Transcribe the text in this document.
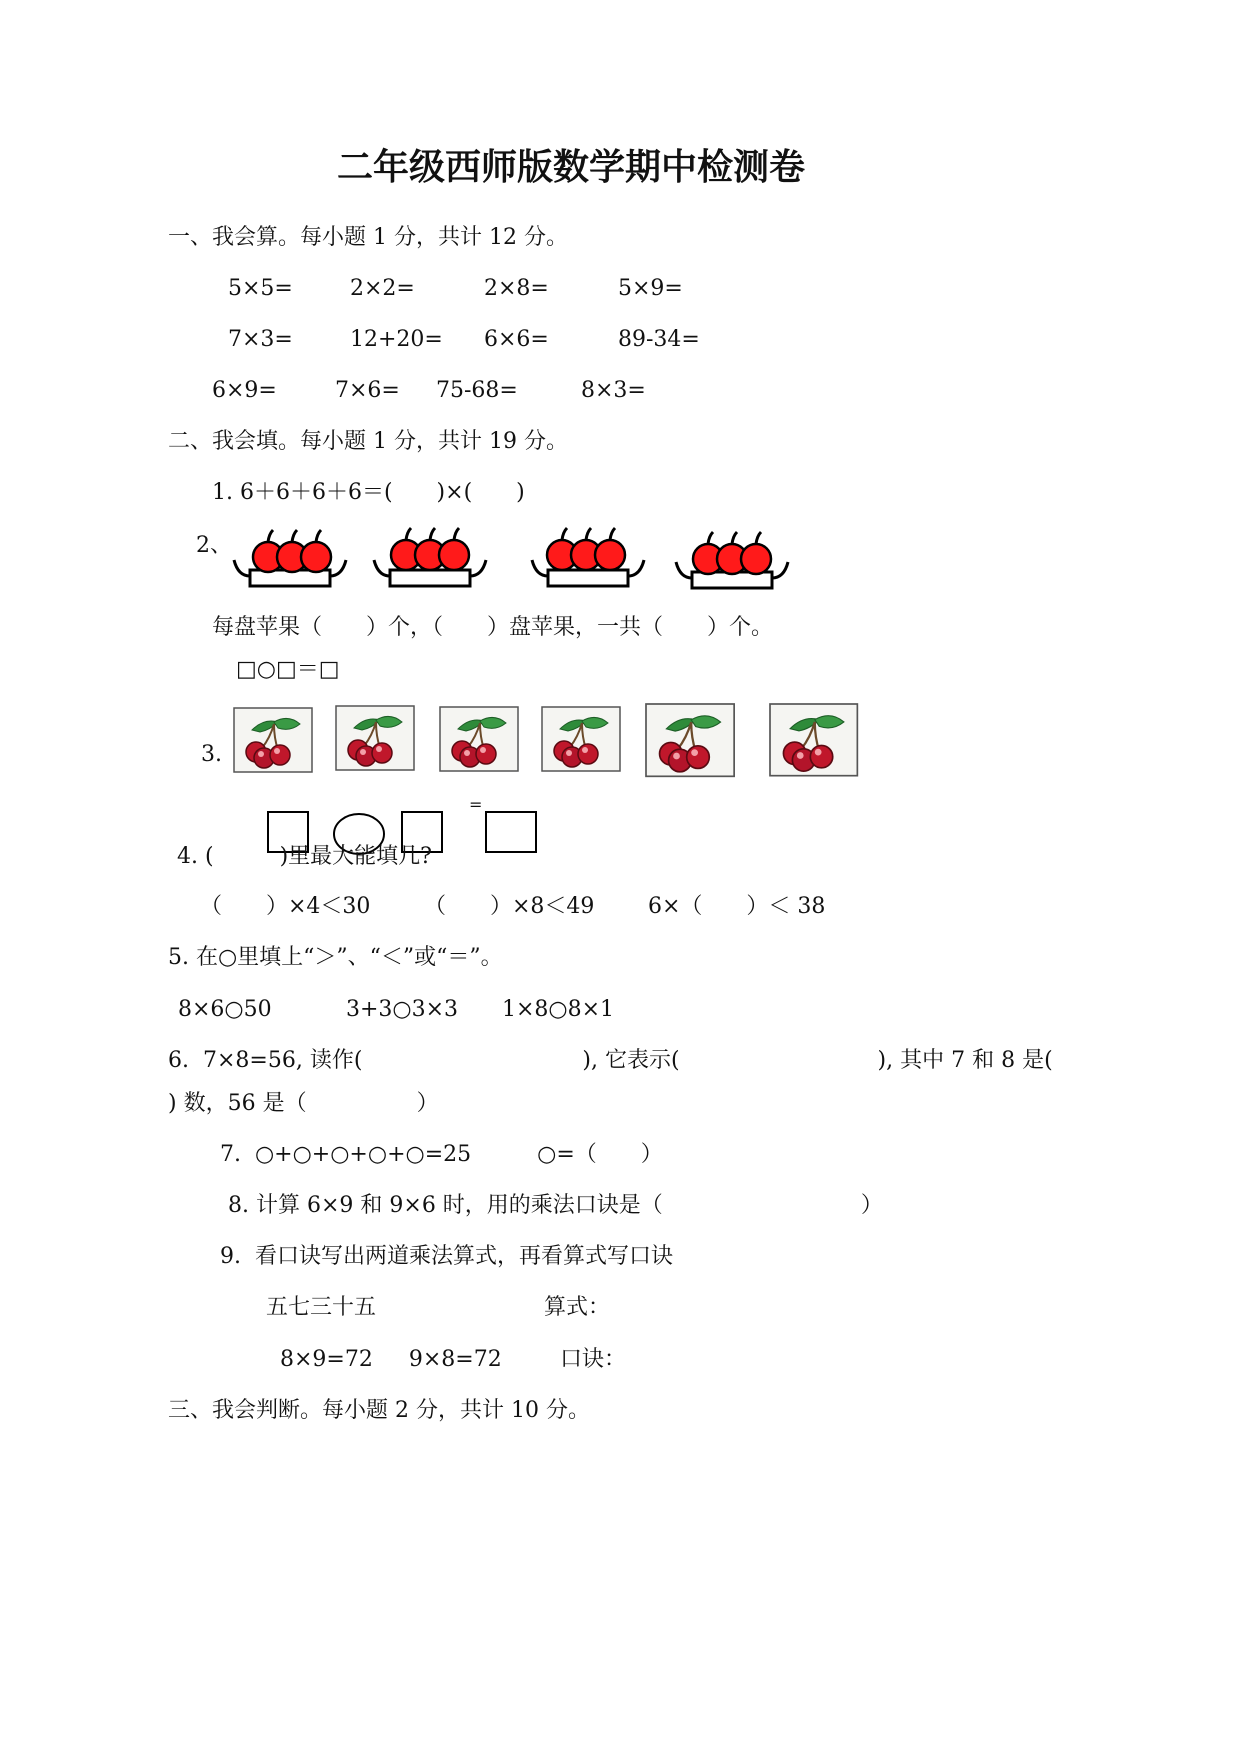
二年级西师版数学期中检测卷
一、我会算。每小题 1 分，共计 12 分。
5×5=	2×2=	2×8=	5×9=
7×3=	12+20= 6×6=	89-34=
6×9=	7×6= 75-68=	8×3=
二、我会填。每小题 1 分，共计 19 分。
1. 6＋6＋6＋6＝(　　)×(　　)
2、
每盘苹果（　　）个，（　　）盘苹果，一共（　　）个。
□○□＝□
3.
=
4. (　　　)里最大能填几?
（　　）×4＜30 （　　）×8＜49 6×（　　）＜ 38
5. 在○里填上“＞”、“＜”或“＝”。
8×6○50	3+3○3×3 1×8○8×1
6.  7×8=56, 读作(　　　　　　　　　　), 它表示(　　　　　　　　　), 其中 7 和 8 是(
) 数，56 是（　　　　　）
7.  ○+○+○+○+○=25　　　○=（　　）
8. 计算 6×9 和 9×6 时，用的乘法口诀是（　　　　　　　　　）
9.  看口诀写出两道乘法算式，再看算式写口诀
五七三十五	算式：
8×9=72　  9×8=72	口诀：
三、我会判断。每小题 2 分，共计 10 分。
